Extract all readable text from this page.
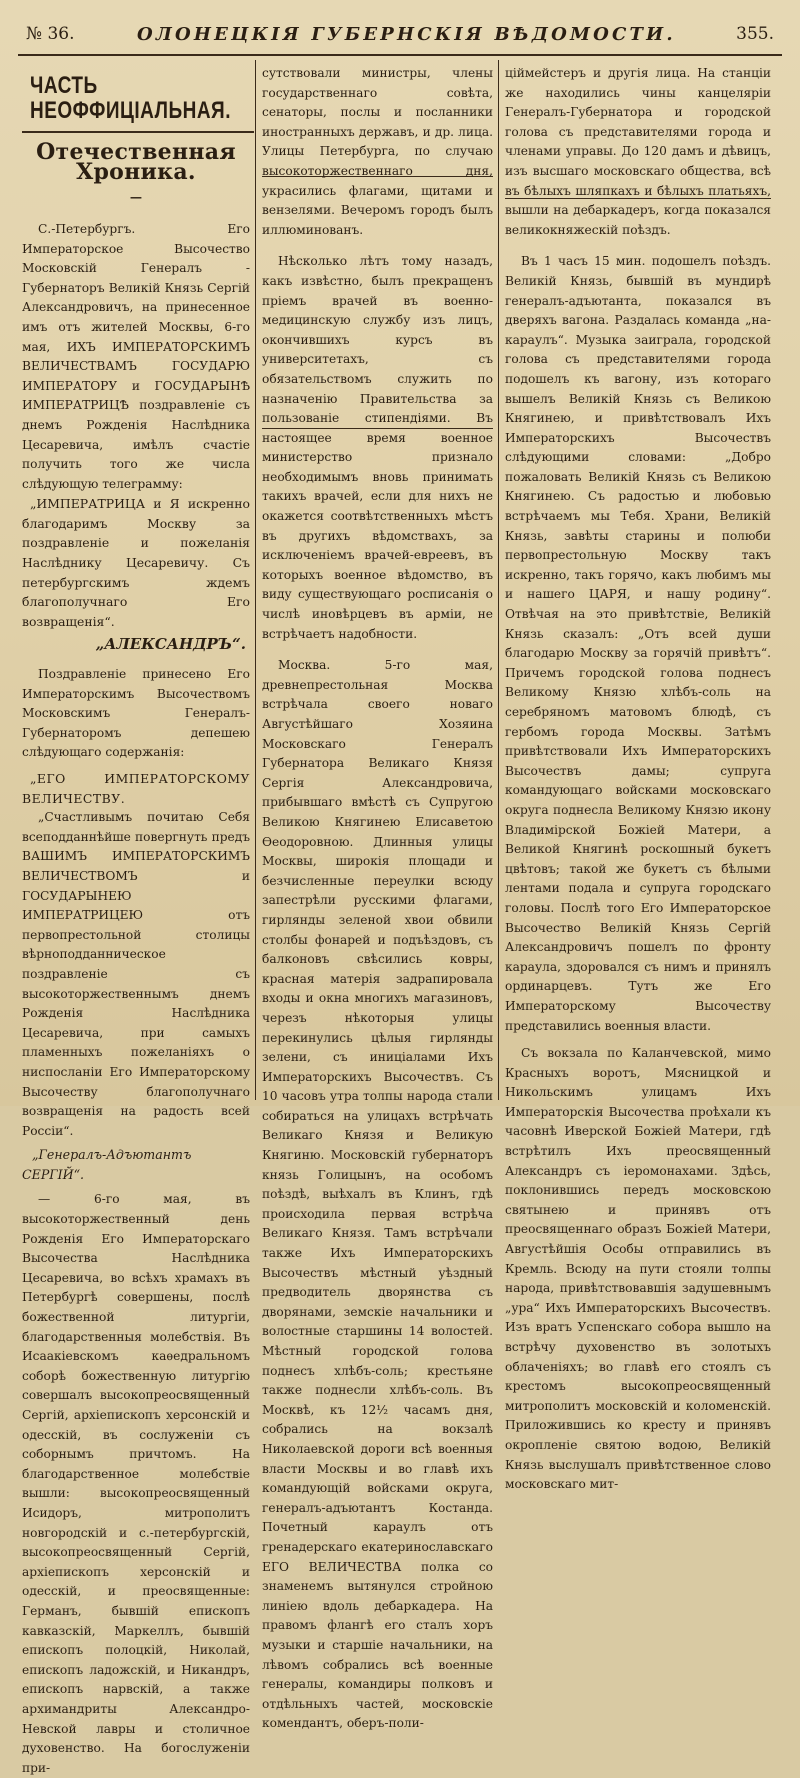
№ 36.	ОЛОНЕЦКІЯ ГУБЕРНСКІЯ ВѢДОМОСТИ.	355.
ЧАСТЬ НЕОФФИЦІАЛЬНАЯ.
Отечественная Хроника.
—

С.-Петербургъ. Его Императорское Высочество Московскій Генералъ - Губернаторъ Великій Князь Сергій Александровичъ, на принесенное имъ отъ жителей Москвы, 6-го мая, ИХЪ ИМПЕРАТОРСКИМЪ ВЕЛИЧЕСТВАМЪ ГОСУДАРЮ ИМПЕРАТОРУ и ГОСУДАРЫНѢ ИМПЕРАТРИЦѢ поздравленіе съ днемъ Рожденія Наслѣдника Цесаревича, имѣлъ счастіе получить того же числа слѣдующую телеграмму:

„ИМПЕРАТРИЦА и Я искренно благодаримъ Москву за поздравленіе и пожеланія Наслѣднику Цесаревичу. Съ петербургскимъ ждемъ благополучнаго Его возвращенія“.

„АЛЕКСАНДРЪ“.

Поздравленіе принесено Его Императорскимъ Высочествомъ Московскимъ Генералъ-Губернаторомъ депешею слѣдующаго содержанія:

„ЕГО ИМПЕРАТОРСКОМУ ВЕЛИЧЕСТВУ.

„Счастливымъ почитаю Себя всеподданнѣйше повергнуть предъ ВАШИМЪ ИМПЕРАТОРСКИМЪ ВЕЛИЧЕСТВОМЪ и ГОСУДАРЫНЕЮ ИМПЕРАТРИЦЕЮ отъ первопрестольной столицы вѣрноподданническое поздравленіе съ высокоторжественнымъ днемъ Рожденія Наслѣдника Цесаревича, при самыхъ пламенныхъ пожеланіяхъ о ниспосланіи Его Императорскому Высочеству благополучнаго возвращенія на радость всей Россіи“.

„Генералъ-Адъютантъ СЕРГІЙ“.

— 6-го мая, въ высокоторжественный день Рожденія Его Императорскаго Высочества Наслѣдника Цесаревича, во всѣхъ храмахъ въ Петербургѣ совершены, послѣ божественной литургіи, благодарственныя молебствія. Въ Исаакіевскомъ каѳедральномъ соборѣ божественную литургію совершалъ высокопреосвященный Сергій, архіепископъ херсонскій и одесскій, въ сослуженіи съ соборнымъ причтомъ. На благодарственное молебствіе вышли: высокопреосвященный Исидоръ, митрополитъ новгородскій и с.-петербургскій, высокопреосвященный Сергій, архіепископъ херсонскій и одесскій, и преосвященные: Германъ, бывшій епископъ кавказскій, Маркеллъ, бывшій епископъ полоцкій, Николай, епископъ ладожскій, и Никандръ, епископъ нарвскій, а также архимандриты Александро-Невской лавры и столичное духовенство. На богослуженіи при-

сутствовали министры, члены государственнаго совѣта, сенаторы, послы и посланники иностранныхъ державъ, и др. лица. Улицы Петербурга, по случаю высокоторжественнаго дня, украсились флагами, щитами и вензелями. Вечеромъ городъ былъ иллюминованъ.

Нѣсколько лѣтъ тому назадъ, какъ извѣстно, былъ прекращенъ пріемъ врачей въ военно-медицинскую службу изъ лицъ, окончившихъ курсъ въ университетахъ, съ обязательствомъ служить по назначенію Правительства за пользованіе стипендіями. Въ настоящее время военное министерство признало необходимымъ вновь принимать такихъ врачей, если для нихъ не окажется соотвѣтственныхъ мѣстъ въ другихъ вѣдомствахъ, за исключеніемъ врачей-евреевъ, въ которыхъ военное вѣдомство, въ виду существующаго росписанія о числѣ иновѣрцевъ въ арміи, не встрѣчаетъ надобности.

Москва. 5-го мая, древнепрестольная Москва встрѣчала своего новаго Августѣйшаго Хозяина Московскаго Генералъ Губернатора Великаго Князя Сергія Александровича, прибывшаго вмѣстѣ съ Супругою Великою Княгинею Елисаветою Ѳеодоровною. Длинныя улицы Москвы, широкія площади и безчисленные переулки всюду запестрѣли русскими флагами, гирлянды зеленой хвои обвили столбы фонарей и подъѣздовъ, съ балконовъ свѣсились ковры, красная матерія задрапировала входы и окна многихъ магазиновъ, черезъ нѣкоторыя улицы перекинулись цѣлыя гирлянды зелени, съ иницiалами Ихъ Императорскихъ Высочествъ. Съ 10 часовъ утра толпы народа стали собираться на улицахъ встрѣчать Великаго Князя и Великую Княгиню. Московскій губернаторъ князь Голицынъ, на особомъ поѣздѣ, выѣхалъ въ Клинъ, гдѣ происходила первая встрѣча Великаго Князя. Тамъ встрѣчали также Ихъ Императорскихъ Высочествъ мѣстный уѣздный предводитель дворянства съ дворянами, земскіе начальники и волостные старшины 14 волостей. Мѣстный городской голова поднесъ хлѣбъ-соль; крестьяне также поднесли хлѣбъ-соль. Въ Москвѣ, къ 12½ часамъ дня, собрались на вокзалѣ Николаевской дороги всѣ военныя власти Москвы и во главѣ ихъ командующій войсками округа, генералъ-адъютантъ Костанда. Почетный караулъ отъ гренадерскаго екатеринославскаго ЕГО ВЕЛИЧЕСТВА полка со знаменемъ вытянулся стройною линіею вдоль дебаркадера. На правомъ флангѣ его сталъ хоръ музыки и старшіе начальники, на лѣвомъ собрались всѣ военные генералы, командиры полковъ и отдѣльныхъ частей, московскіе комендантъ, оберъ-поли-

ціймейстеръ и другія лица. На станціи же находились чины канцеляріи Генералъ-Губернатора и городской голова съ представителями города и членами управы. До 120 дамъ и дѣвицъ, изъ высшаго московскаго общества, всѣ въ бѣлыхъ шляпкахъ и бѣлыхъ платьяхъ, вышли на дебаркадеръ, когда показался великокняжескій поѣздъ.

Въ 1 часъ 15 мин. подошелъ поѣздъ. Великій Князь, бывшій въ мундирѣ генералъ-адъютанта, показался въ дверяхъ вагона. Раздалась команда „на-караулъ“. Музыка заиграла, городской голова съ представителями города подошелъ къ вагону, изъ котораго вышелъ Великій Князь съ Великою Княгинею, и привѣтствовалъ Ихъ Императорскихъ Высочествъ слѣдующими словами: „Добро пожаловать Великій Князь съ Великою Княгинею. Съ радостью и любовью встрѣчаемъ мы Тебя. Храни, Великій Князь, завѣты старины и полюби первопрестольную Москву такъ искренно, такъ горячо, какъ любимъ мы и нашего ЦАРЯ, и нашу родину“. Отвѣчая на это привѣтствіе, Великій Князь сказалъ: „Отъ всей души благодарю Москву за горячій привѣтъ“. Причемъ городской голова поднесъ Великому Князю хлѣбъ-соль на серебряномъ матовомъ блюдѣ, съ гербомъ города Москвы. Затѣмъ привѣтствовали Ихъ Императорскихъ Высочествъ дамы; супруга командующаго войсками московскаго округа поднесла Великому Князю икону Владимірской Божіей Матери, а Великой Княгинѣ роскошный букетъ цвѣтовъ; такой же букетъ съ бѣлыми лентами подала и супруга городскаго головы. Послѣ того Его Императорское Высочество Великій Князь Сергій Александровичъ пошелъ по фронту караула, здоровался съ нимъ и принялъ ординарцевъ. Тутъ же Его Императорскому Высочеству представились военныя власти.

Съ вокзала по Каланчевской, мимо Красныхъ воротъ, Мясницкой и Никольскимъ улицамъ Ихъ Императорскія Высочества проѣхали къ часовнѣ Иверской Божіей Матери, гдѣ встрѣтилъ Ихъ преосвященный Александръ съ іеромонахами. Здѣсь, поклонившись передъ московскою святынею и принявъ отъ преосвященнаго образъ Божіей Матери, Августѣйшія Особы отправились въ Кремль. Всюду на пути стояли толпы народа, привѣтствовавшія задушевнымъ „ура“ Ихъ Императорскихъ Высочествъ. Изъ вратъ Успенскаго собора вышло на встрѣчу духовенство въ золотыхъ облаченіяхъ; во главѣ его стоялъ съ крестомъ высокопреосвященный митрополитъ московскій и коломенскій. Приложившись ко кресту и принявъ окропленіе святою водою, Великій Князь выслушалъ привѣтственное слово московскаго мит-
